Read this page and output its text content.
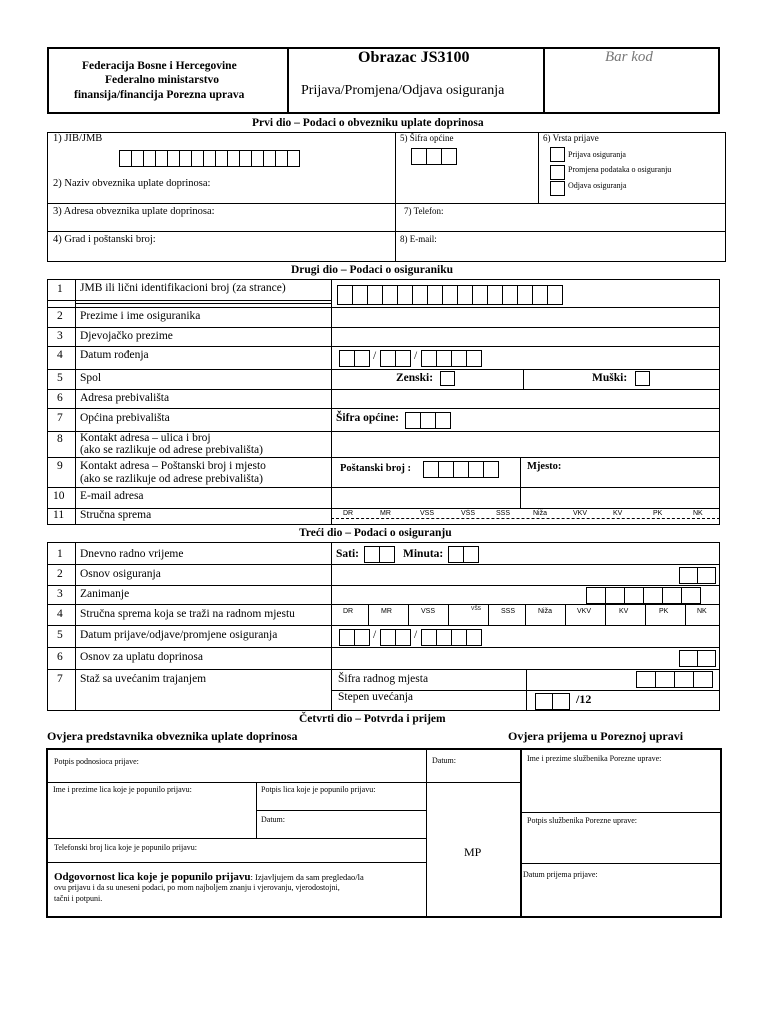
Federacija Bosne i Hercegovine
Federalno ministarstvo
finansija/financija Porezna uprava
Obrazac JS3100
Prijava/Promjena/Odjava osiguranja
Bar kod
Prvi dio – Podaci o obvezniku uplate doprinosa
1) JIB/JMB
2) Naziv obveznika uplate doprinosa:
3) Adresa obveznika uplate doprinosa:
4) Grad i poštanski broj:
5) Šifra općine
7) Telefon:
8) E-mail:
6) Vrsta prijave
Prijava osiguranja
Promjena podataka o osiguranju
Odjava osiguranja
Drugi dio – Podaci o osiguraniku
1 JMB ili lični identifikacioni broj (za strance)
2 Prezime i ime osiguranika
3 Djevojačko prezime
4 Datum rođenja
5 Spol
6 Adresa prebivališta
7 Općina prebivališta
8 Kontakt adresa – ulica i broj
(ako se razlikuje od adrese prebivališta)
9 Kontakt adresa – Poštanski broj i mjesto
(ako se razlikuje od adrese prebivališta)
10 E-mail adresa
11 Stručna sprema
/	/
Zenski:	Muški:
Šifra općine:
Poštanski broj :	Mjesto:
DR	MR	VSS	VŠS	SSS	Niža	VKV	KV	PK	NK
Treći dio – Podaci o osiguranju
1 Dnevno radno vrijeme
2 Osnov osiguranja
3 Zanimanje
4 Stručna sprema koja se traži na radnom mjestu
5 Datum prijave/odjave/promjene osiguranja
6 Osnov za uplatu doprinosa
7 Staž sa uvećanim trajanjem
Sati:	Minuta:
DR	MR	VSS	VŠS	SSS	Niža	VKV	KV	PK	NK
/	/
Šifra radnog mjesta
Stepen uvećanja	/12
Četvrti dio – Potvrda i prijem
Ovjera predstavnika obveznika uplate doprinosa	Ovjera prijema u Poreznoj upravi
Potpis podnosioca prijave:	Datum:
Ime i prezime lica koje je popunilo prijavu:	Potpis lica koje je popunilo prijavu:
Datum:
Telefonski broj lica koje je popunilo prijavu:	MP
Odgovornost lica koje je popunilo prijavu: Izjavljujem da sam pregledao/la
ovu prijavu i da su uneseni podaci, po mom najboljem znanju i vjerovanju, vjerodostojni,
tačni i potpuni.
Ime i prezime službenika Porezne uprave:
Potpis službenika Porezne uprave:
Datum prijema prijave:
